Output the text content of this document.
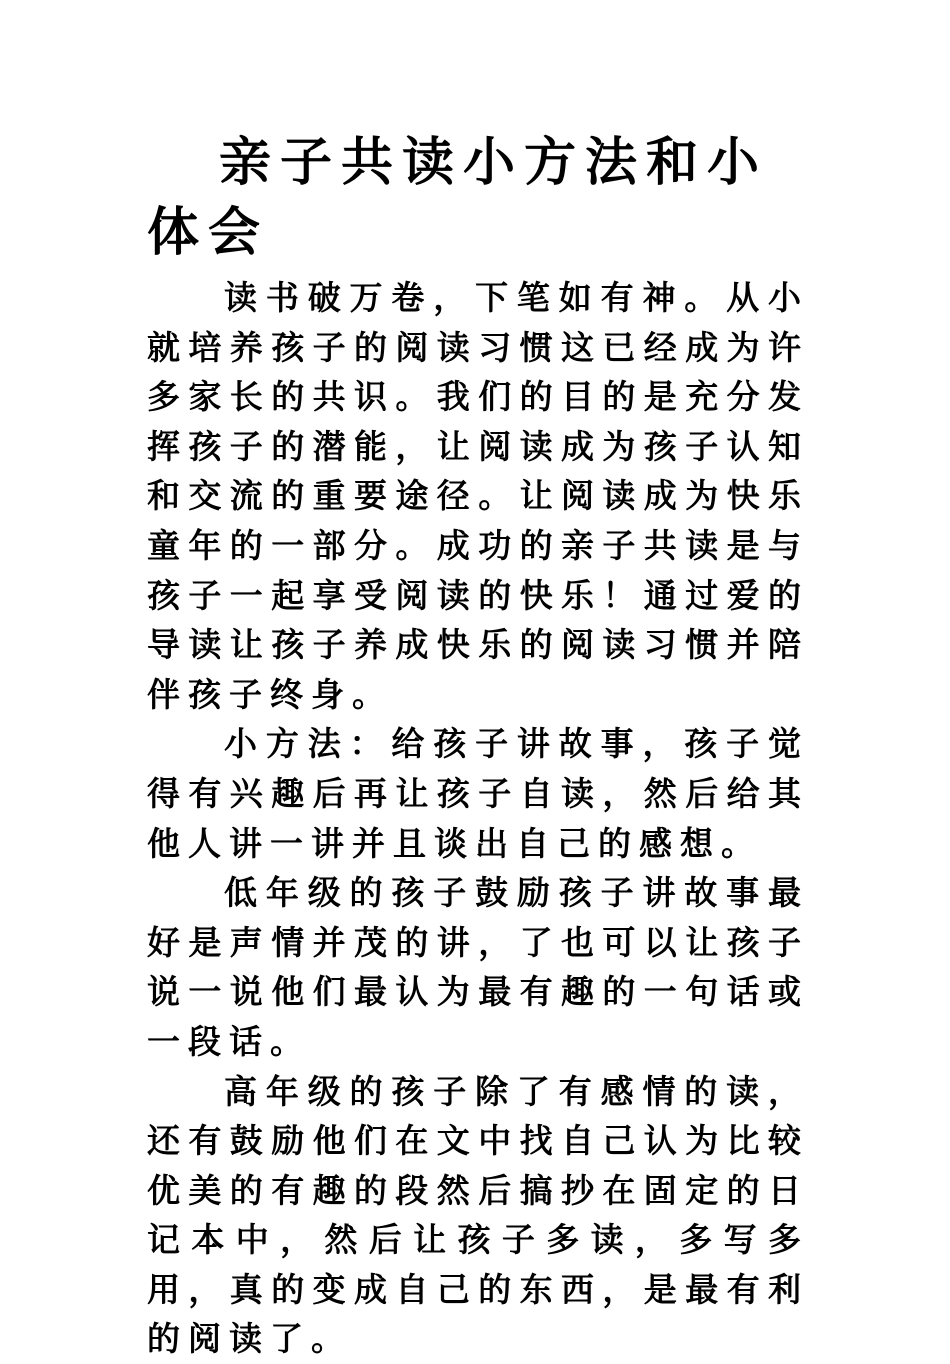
亲子共读小方法和小体会

读书破万卷，下笔如有神。从小就培养孩子的阅读习惯这已经成为许多家长的共识。我们的目的是充分发挥孩子的潜能，让阅读成为孩子认知和交流的重要途径。让阅读成为快乐童年的一部分。成功的亲子共读是与孩子一起享受阅读的快乐！通过爱的导读让孩子养成快乐的阅读习惯并陪伴孩子终身。

小方法：给孩子讲故事，孩子觉得有兴趣后再让孩子自读，然后给其他人讲一讲并且谈出自己的感想。

低年级的孩子鼓励孩子讲故事最好是声情并茂的讲，了也可以让孩子说一说他们最认为最有趣的一句话或一段话。

高年级的孩子除了有感情的读，还有鼓励他们在文中找自己认为比较优美的有趣的段然后搞抄在固定的日记本中，然后让孩子多读，多写多用，真的变成自己的东西，是最有利的阅读了。
